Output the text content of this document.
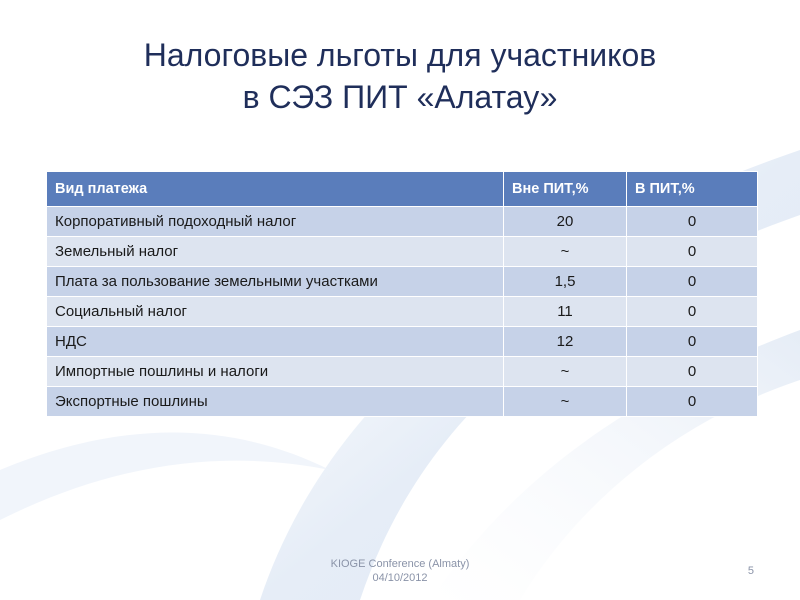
Налоговые льготы для участников
в СЭЗ ПИТ «Алатау»
Вид платежа	Вне ПИТ,%	В ПИТ,%
Корпоративный подоходный налог	20	0
Земельный налог	~	0
Плата за пользование земельными участками	1,5	0
Социальный налог	11	0
НДС	12	0
Импортные пошлины и налоги	~	0
Экспортные пошлины	~	0
KIOGE Conference (Almaty)
04/10/2012
5
